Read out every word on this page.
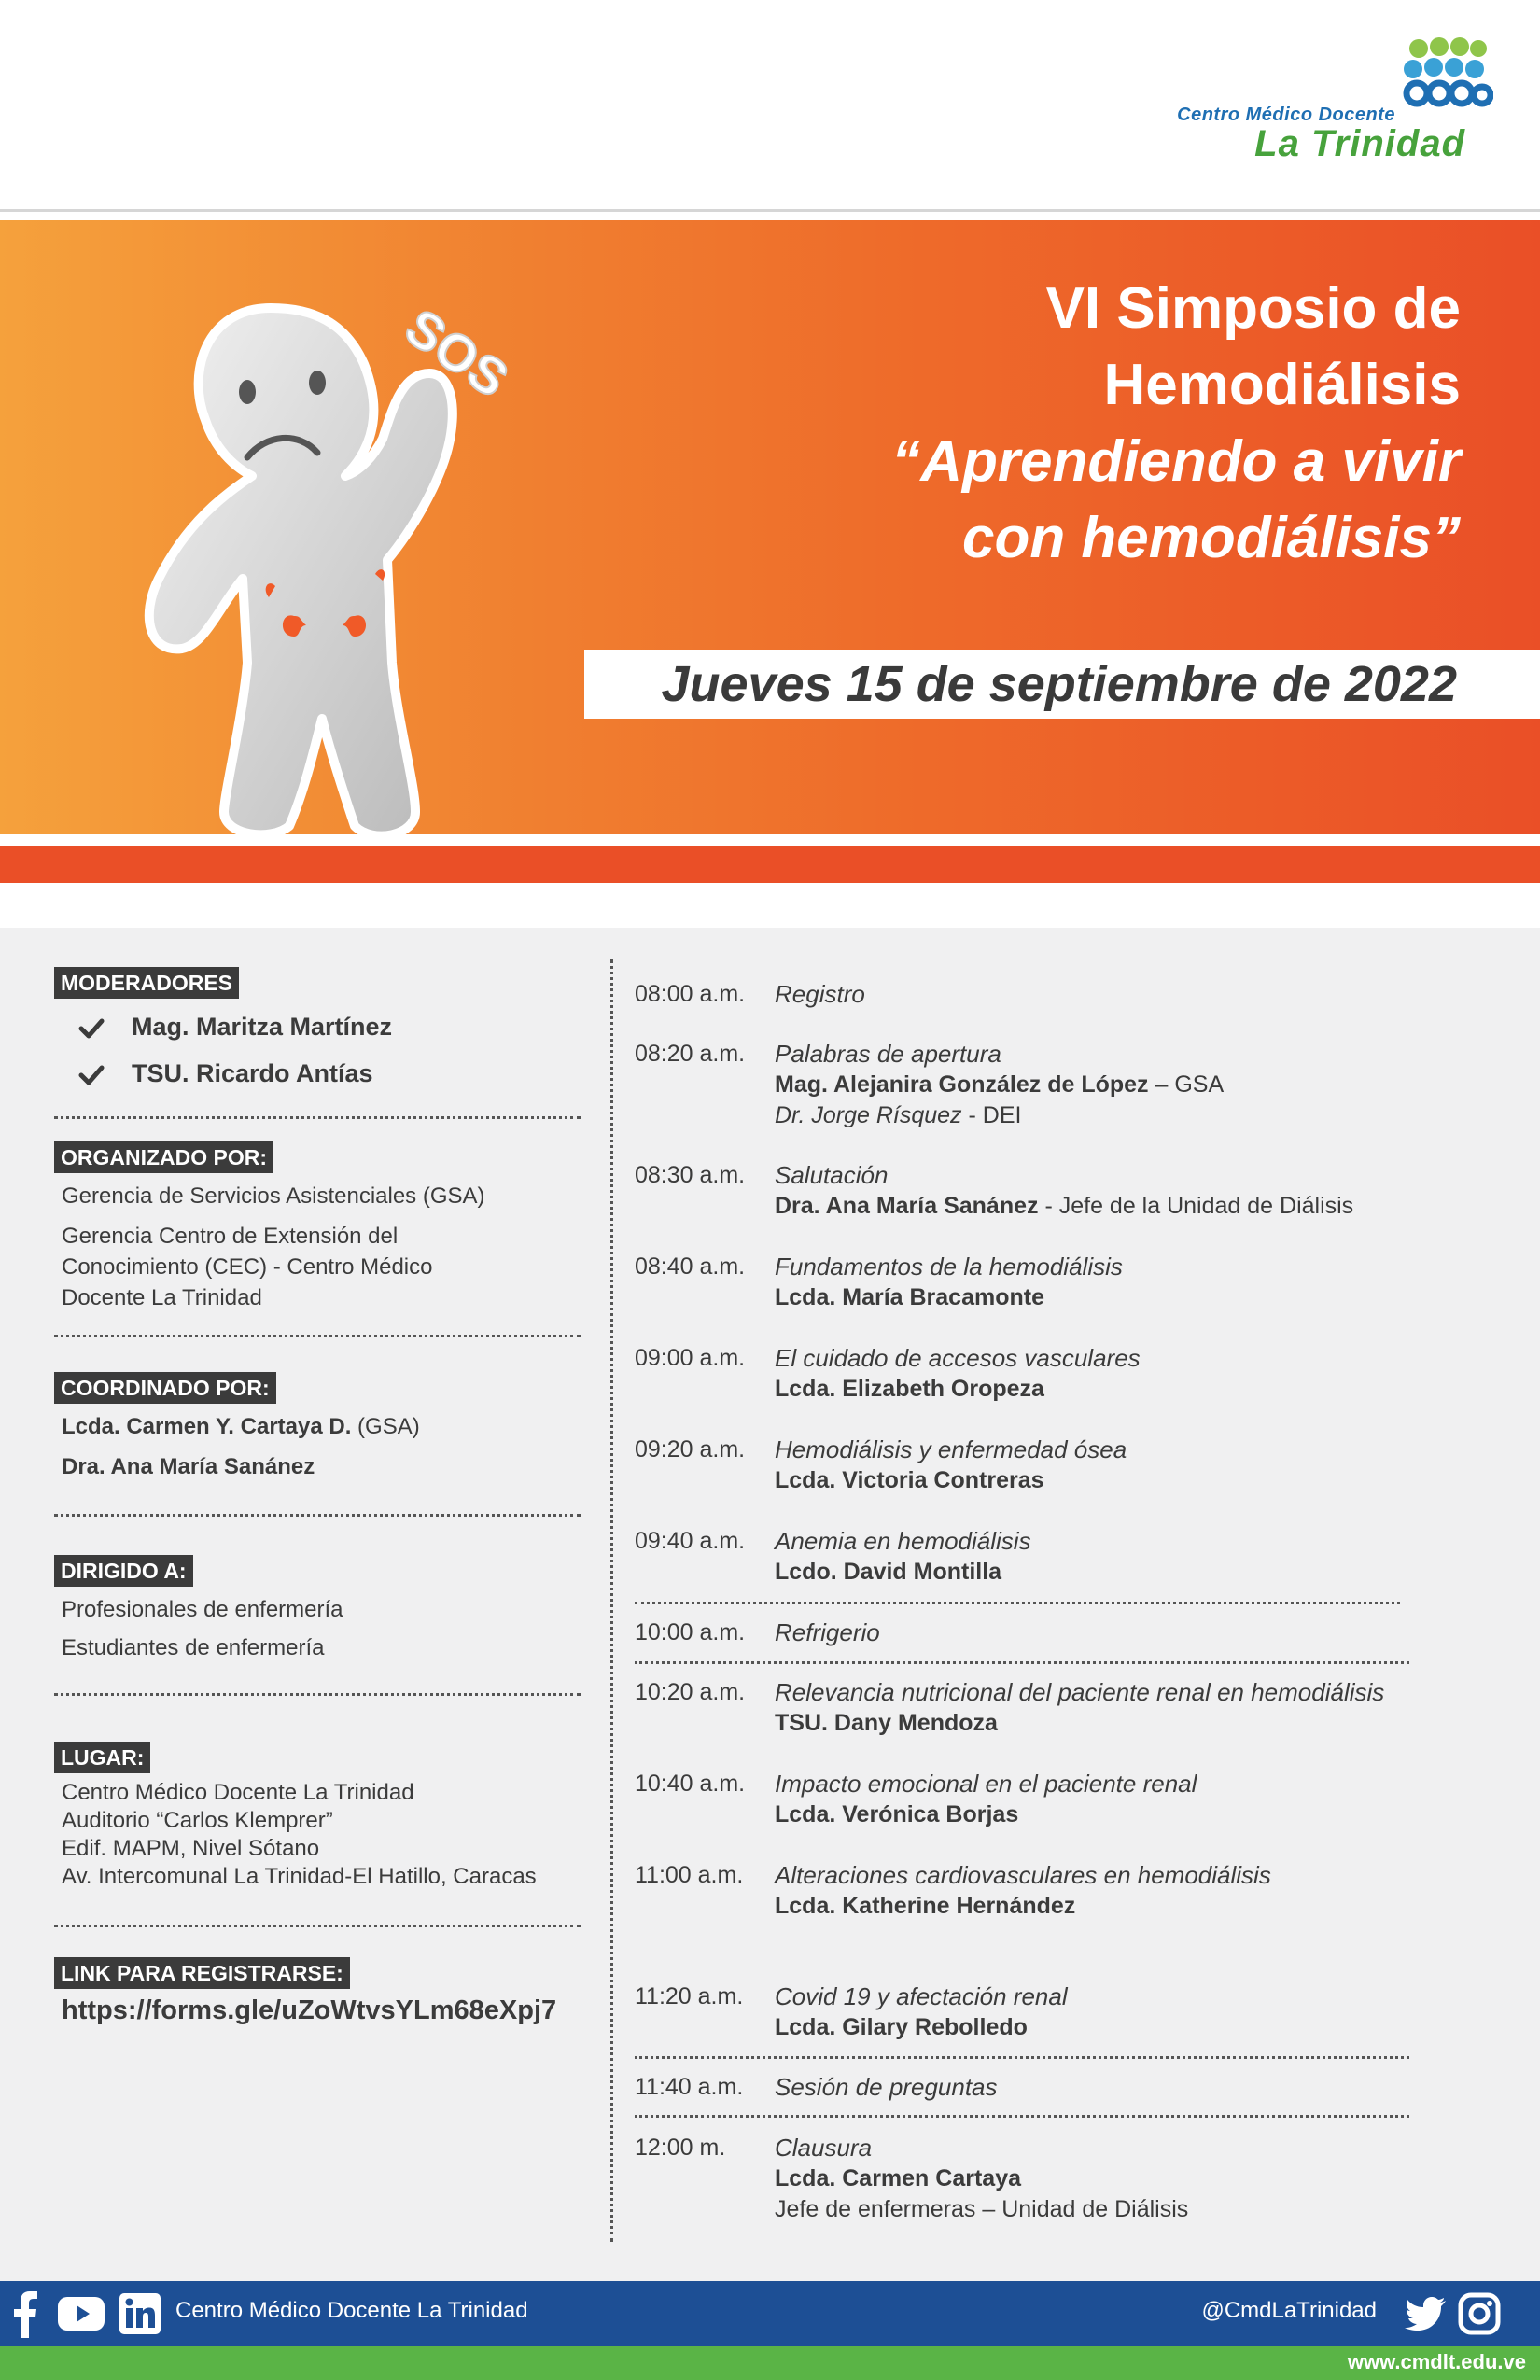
Centro Médico Docente
La Trinidad
SOS	VI Simposio de
Hemodiálisis
“Aprendiendo a vivir
con hemodiálisis”
Jueves 15 de septiembre de 2022
MODERADORES
Mag. Maritza Martínez
TSU. Ricardo Antías
ORGANIZADO POR:
Gerencia de Servicios Asistenciales (GSA)
Gerencia Centro de Extensión del
Conocimiento (CEC) - Centro Médico
Docente La Trinidad
COORDINADO POR:
Lcda. Carmen Y. Cartaya D. (GSA)
Dra. Ana María Sanánez
DIRIGIDO A:
Profesionales de enfermería
Estudiantes de enfermería
LUGAR:
Centro Médico Docente La Trinidad
Auditorio “Carlos Klemprer”
Edif. MAPM, Nivel Sótano
Av. Intercomunal La Trinidad-El Hatillo, Caracas
LINK PARA REGISTRARSE:
https://forms.gle/uZoWtvsYLm68eXpj7
08:00 a.m. Registro
08:20 a.m. Palabras de apertura
Mag. Alejanira González de López – GSA
Dr. Jorge Rísquez - DEI
08:30 a.m. Salutación
Dra. Ana María Sanánez - Jefe de la Unidad de Diálisis
08:40 a.m. Fundamentos de la hemodiálisis
Lcda. María Bracamonte
09:00 a.m. El cuidado de accesos vasculares
Lcda. Elizabeth Oropeza
09:20 a.m. Hemodiálisis y enfermedad ósea
Lcda. Victoria Contreras
09:40 a.m. Anemia en hemodiálisis
Lcdo. David Montilla
10:00 a.m. Refrigerio
10:20 a.m. Relevancia nutricional del paciente renal en hemodiálisis
TSU. Dany Mendoza
10:40 a.m. Impacto emocional en el paciente renal
Lcda. Verónica Borjas
11:00 a.m. Alteraciones cardiovasculares en hemodiálisis
Lcda. Katherine Hernández
11:20 a.m. Covid 19 y afectación renal
Lcda. Gilary Rebolledo
11:40 a.m. Sesión de preguntas
12:00 m. Clausura
Lcda. Carmen Cartaya
Jefe de enfermeras – Unidad de Diálisis
Centro Médico Docente La Trinidad	@CmdLaTrinidad
www.cmdlt.edu.ve
